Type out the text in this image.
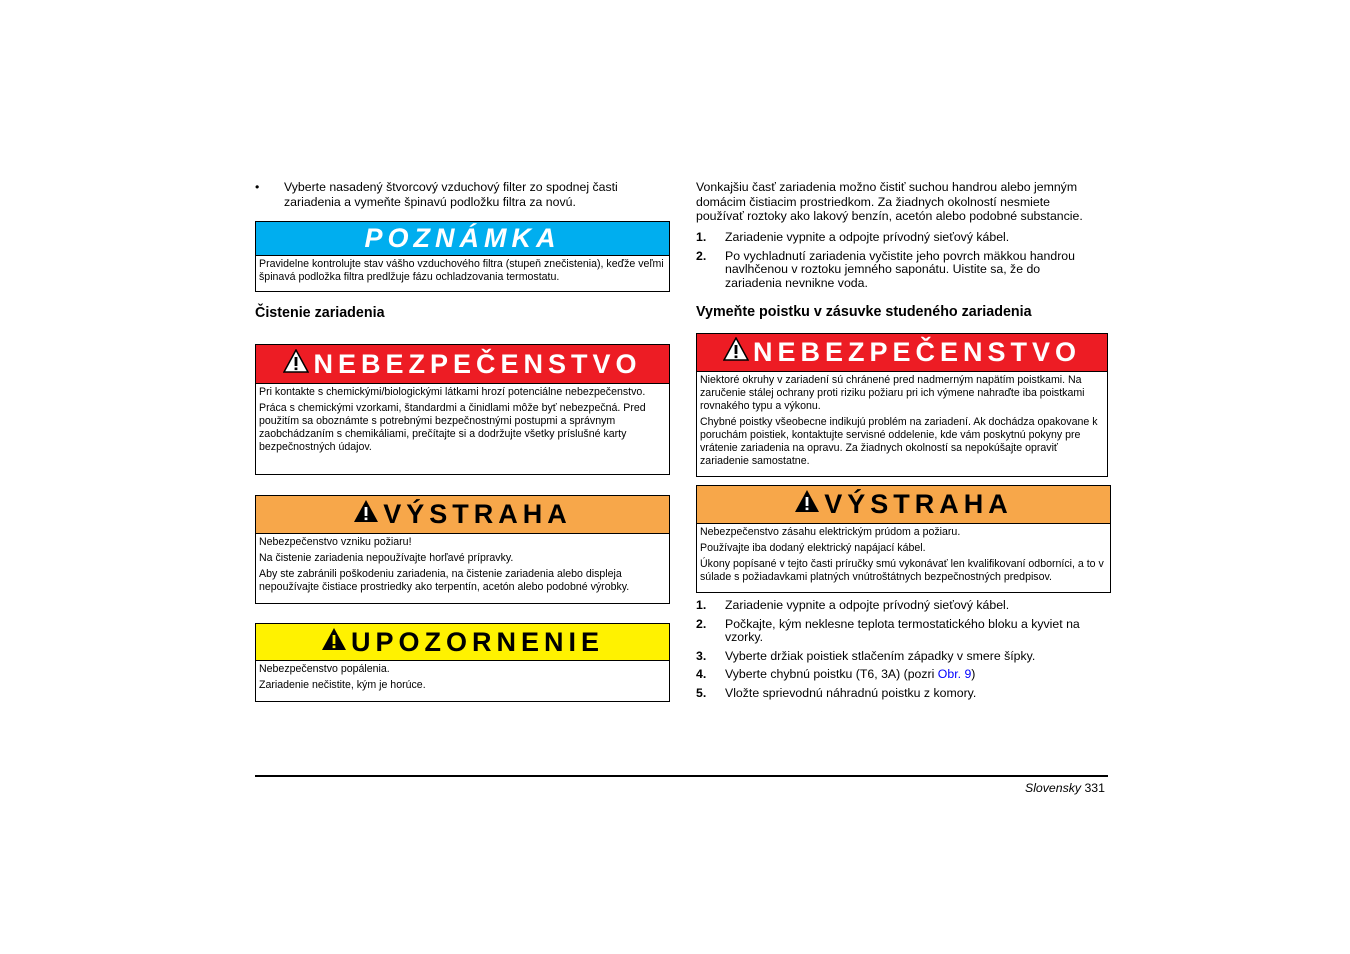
•	Vyberte nasadený štvorcový vzduchový filter zo spodnej časti zariadenia a vymeňte špinavú podložku filtra za novú.

POZNÁMKA

Pravidelne kontrolujte stav vášho vzduchového filtra (stupeň znečistenia), keďže veľmi špinavá podložka filtra predlžuje fázu ochladzovania termostatu.

Čistenie zariadenia
NEBEZPEČENSTVO

Pri kontakte s chemickými/biologickými látkami hrozí potenciálne nebezpečenstvo.

Práca s chemickými vzorkami, štandardmi a činidlami môže byť nebezpečná. Pred použitím sa oboznámte s potrebnými bezpečnostnými postupmi a správnym zaobchádzaním s chemikáliami, prečítajte si a dodržujte všetky príslušné karty bezpečnostných údajov.

VÝSTRAHA

Nebezpečenstvo vzniku požiaru!

Na čistenie zariadenia nepoužívajte horľavé prípravky.

Aby ste zabránili poškodeniu zariadenia, na čistenie zariadenia alebo displeja nepoužívajte čistiace prostriedky ako terpentín, acetón alebo podobné výrobky.

UPOZORNENIE

Nebezpečenstvo popálenia.

Zariadenie nečistite, kým je horúce.

Vonkajšiu časť zariadenia možno čistiť suchou handrou alebo jemným domácim čistiacim prostriedkom. Za žiadnych okolností nesmiete používať roztoky ako lakový benzín, acetón alebo podobné substancie.

1.	Zariadenie vypnite a odpojte prívodný sieťový kábel.
2.	Po vychladnutí zariadenia vyčistite jeho povrch mäkkou handrou navlhčenou v roztoku jemného saponátu. Uistite sa, že do zariadenia nevnikne voda.
Vymeňte poistku v zásuvke studeného zariadenia
NEBEZPEČENSTVO

Niektoré okruhy v zariadení sú chránené pred nadmerným napätím poistkami. Na zaručenie stálej ochrany proti riziku požiaru pri ich výmene nahraďte iba poistkami rovnakého typu a výkonu.

Chybné poistky všeobecne indikujú problém na zariadení. Ak dochádza opakovane k poruchám poistiek, kontaktujte servisné oddelenie, kde vám poskytnú pokyny pre vrátenie zariadenia na opravu. Za žiadnych okolností sa nepokúšajte opraviť zariadenie samostatne.

VÝSTRAHA

Nebezpečenstvo zásahu elektrickým prúdom a požiaru.

Používajte iba dodaný elektrický napájací kábel.

Úkony popísané v tejto časti príručky smú vykonávať len kvalifikovaní odborníci, a to v súlade s požiadavkami platných vnútroštátnych bezpečnostných predpisov.

1.	Zariadenie vypnite a odpojte prívodný sieťový kábel.
2.	Počkajte, kým neklesne teplota termostatického bloku a kyviet na vzorky.
3.	Vyberte držiak poistiek stlačením západky v smere šípky.
4.	Vyberte chybnú poistku (T6, 3A) (pozri Obr. 9)
5.	Vložte sprievodnú náhradnú poistku z komory.
Slovensky 331
